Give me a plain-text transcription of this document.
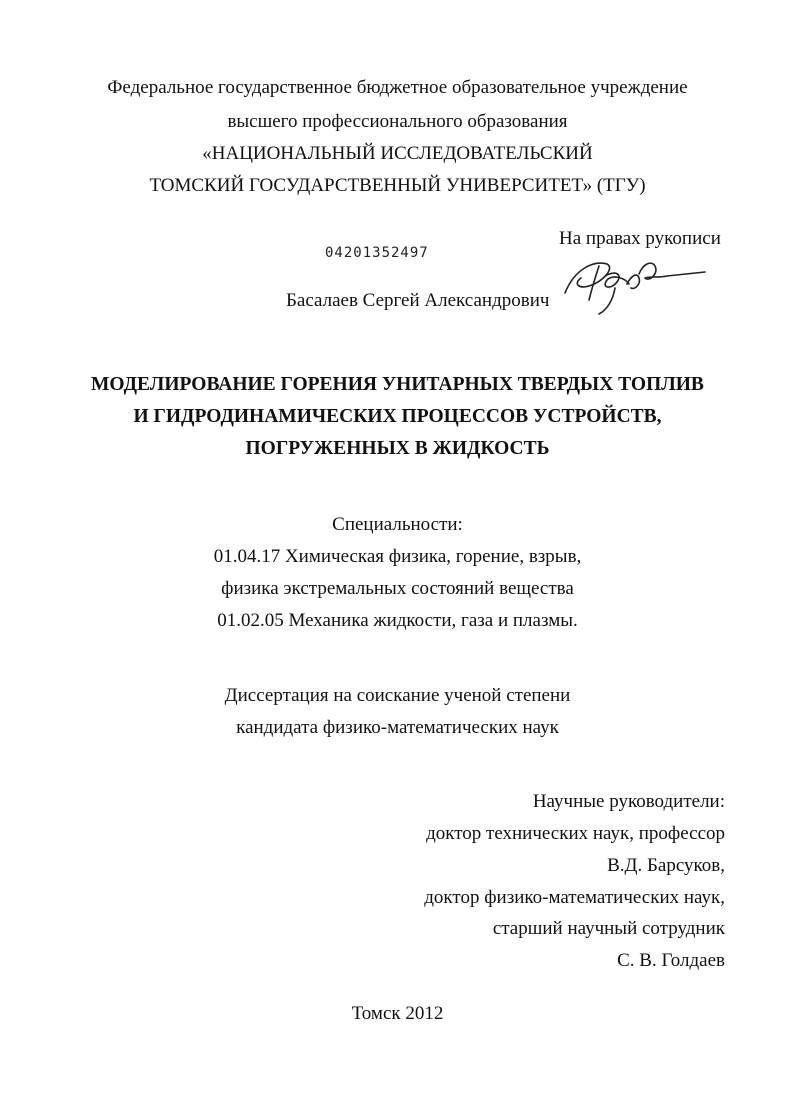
Федеральное государственное бюджетное образовательное учреждение
высшего профессионального образования
«НАЦИОНАЛЬНЫЙ ИССЛЕДОВАТЕЛЬСКИЙ
ТОМСКИЙ ГОСУДАРСТВЕННЫЙ УНИВЕРСИТЕТ» (ТГУ)
На правах рукописи
04201352497
Басалаев Сергей Александрович
МОДЕЛИРОВАНИЕ ГОРЕНИЯ УНИТАРНЫХ ТВЕРДЫХ ТОПЛИВ
И ГИДРОДИНАМИЧЕСКИХ ПРОЦЕССОВ УСТРОЙСТВ,
ПОГРУЖЕННЫХ В ЖИДКОСТЬ
Специальности:
01.04.17 Химическая физика, горение, взрыв,
физика экстремальных состояний вещества
01.02.05 Механика жидкости, газа и плазмы.
Диссертация на соискание ученой степени
кандидата физико-математических наук
Научные руководители:
доктор технических наук, профессор
В.Д. Барсуков,
доктор физико-математических наук,
старший научный сотрудник
С. В. Голдаев
Томск 2012
